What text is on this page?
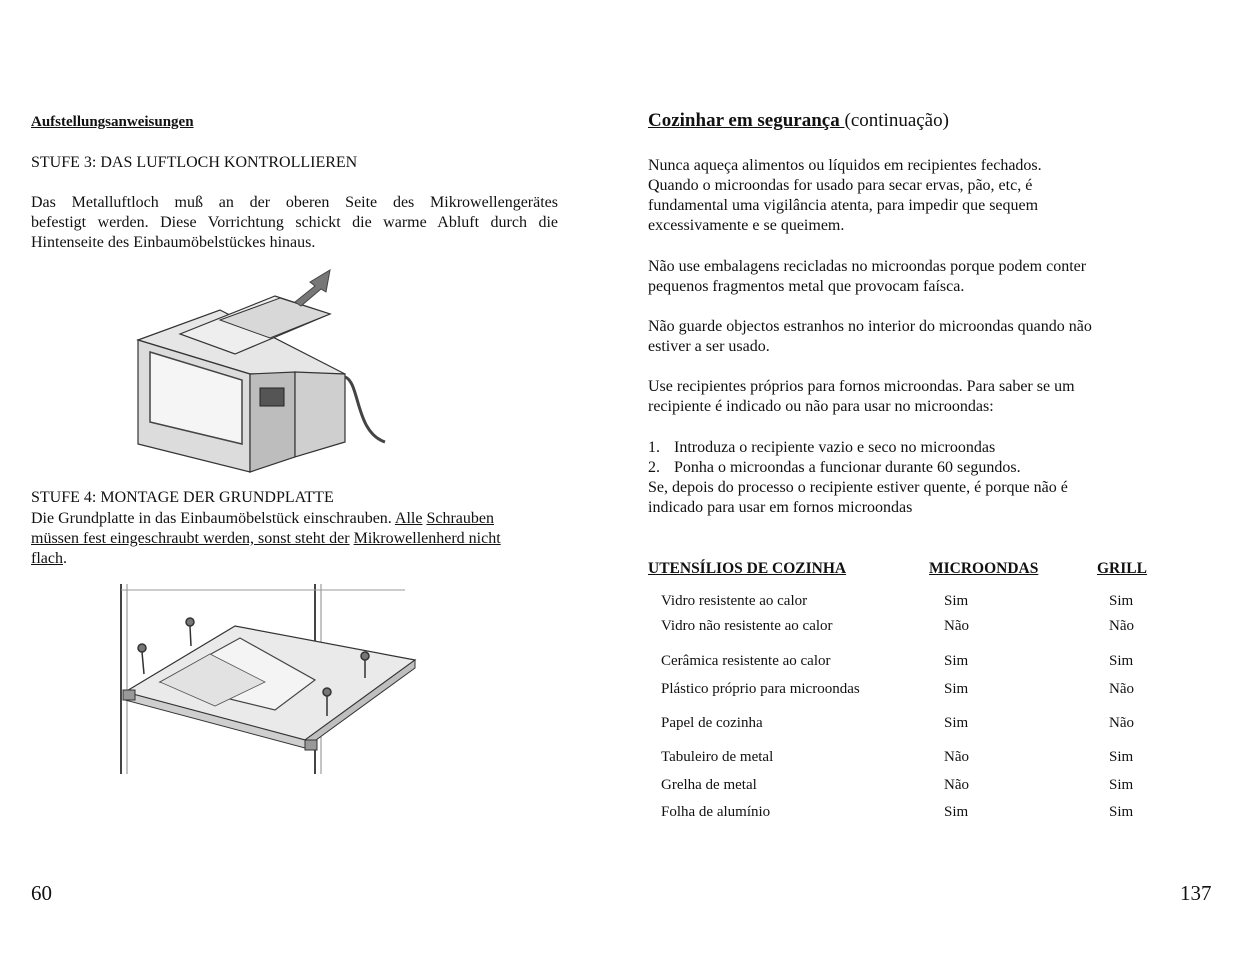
Aufstellungsanweisungen
STUFE 3: DAS LUFTLOCH KONTROLLIEREN
Das Metalluftloch muß an der oberen Seite des Mikrowellengerätes
befestigt werden. Diese Vorrichtung schickt die warme Abluft durch die
Hintenseite des Einbaumöbelstückes hinaus.
STUFE 4: MONTAGE DER GRUNDPLATTE
Die Grundplatte in das Einbaumöbelstück einschrauben. Alle Schrauben
müssen fest eingeschraubt werden, sonst steht der Mikrowellenherd nicht
flach.
60
Cozinhar em segurança (continuação)
Nunca aqueça alimentos ou líquidos em recipientes fechados.
Quando o microondas for usado para secar ervas, pão, etc, é
fundamental uma vigilância atenta, para impedir que sequem
excessivamente e se queimem.
Não use embalagens recicladas no microondas porque podem conter
pequenos fragmentos metal que provocam faísca.
Não guarde objectos estranhos no interior do microondas quando não
estiver a ser usado.
Use recipientes próprios para fornos microondas. Para saber se um
recipiente é indicado ou não para usar no microondas:
1. Introduza o recipiente vazio e seco no microondas
2. Ponha o microondas a funcionar durante 60 segundos.
Se, depois do processo o recipiente estiver quente, é porque não é
indicado para usar em fornos microondas
UTENSÍLIOS DE COZINHA	MICROONDAS	GRILL
Vidro resistente ao calor	Sim	Sim
Vidro não resistente ao calor	Não	Não
Cerâmica resistente ao calor	Sim	Sim
Plástico próprio para microondas	Sim	Não
Papel de cozinha	Sim	Não
Tabuleiro de metal	Não	Sim
Grelha de metal	Não	Sim
Folha de alumínio	Sim	Sim
137
